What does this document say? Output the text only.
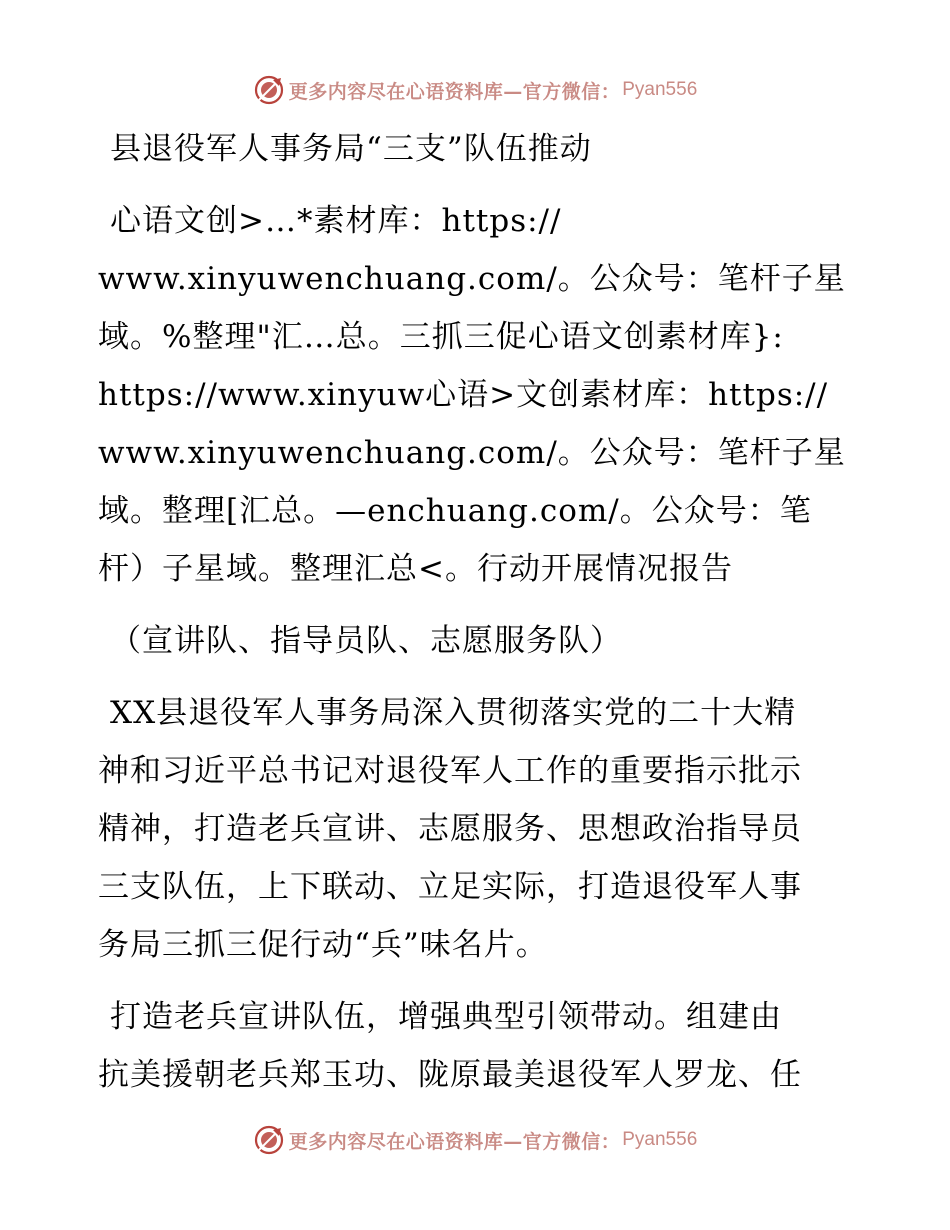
更多内容尽在心语资料库—官方微信： Pyan556
县退役军人事务局“三支”队伍推动
心语文创>…*素材库：https://
www.xinyuwenchuang.com/。公众号：笔杆子星
域。%整理"汇…总。三抓三促心语文创素材库}:
https://www.xinyuw心语>文创素材库：https://
www.xinyuwenchuang.com/。公众号：笔杆子星
域。整理[汇总。—enchuang.com/。公众号：笔
杆）子星域。整理汇总<。行动开展情况报告
（宣讲队、指导员队、志愿服务队）
XX县退役军人事务局深入贯彻落实党的二十大精
神和习近平总书记对退役军人工作的重要指示批示
精神，打造老兵宣讲、志愿服务、思想政治指导员
三支队伍，上下联动、立足实际，打造退役军人事
务局三抓三促行动“兵”味名片。
打造老兵宣讲队伍，增强典型引领带动。组建由
抗美援朝老兵郑玉功、陇原最美退役军人罗龙、任
更多内容尽在心语资料库—官方微信： Pyan556
